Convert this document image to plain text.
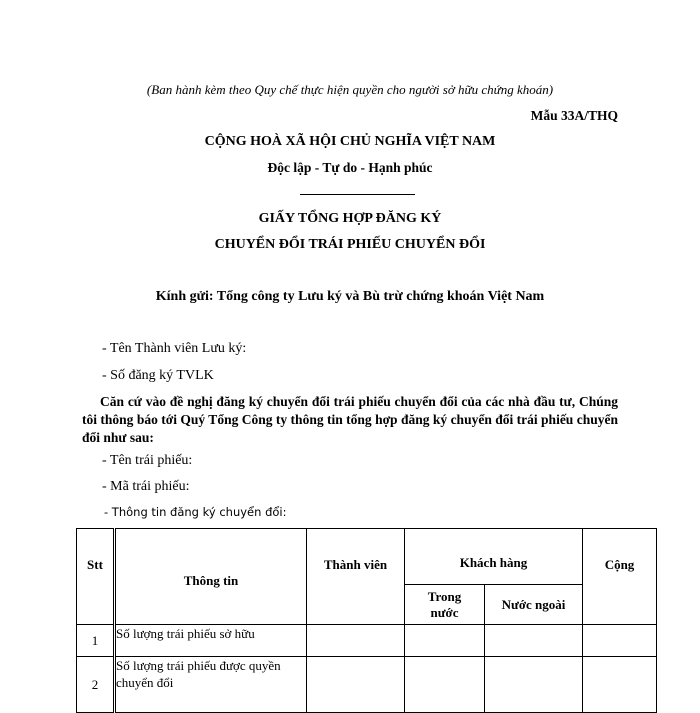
(Ban hành kèm theo Quy chế thực hiện quyền cho người sở hữu chứng khoán)
Mẫu 33A/THQ
CỘNG HOÀ XÃ HỘI CHỦ NGHĨA VIỆT NAM
Độc lập - Tự do - Hạnh phúc
GIẤY TỔNG HỢP ĐĂNG KÝ
CHUYỂN ĐỔI TRÁI PHIẾU CHUYỂN ĐỔI
Kính gửi: Tổng công ty Lưu ký và Bù trừ chứng khoán Việt Nam
- Tên Thành viên Lưu ký:
- Số đăng ký TVLK
Căn cứ vào đề nghị đăng ký chuyển đổi trái phiếu chuyển đổi của các nhà đầu tư, Chúng tôi thông báo tới Quý Tổng Công ty thông tin tổng hợp đăng ký chuyển đổi trái phiếu chuyển đổi như sau:
- Tên trái phiếu:
- Mã trái phiếu:
- Thông tin đăng ký chuyển đổi:
Stt	Thông tin	Thành viên	Khách hàng		Cộng
			Trong nước	Nước ngoài	
1	Số lượng trái phiếu sở hữu				
2	Số lượng trái phiếu được quyền chuyển đổi				
